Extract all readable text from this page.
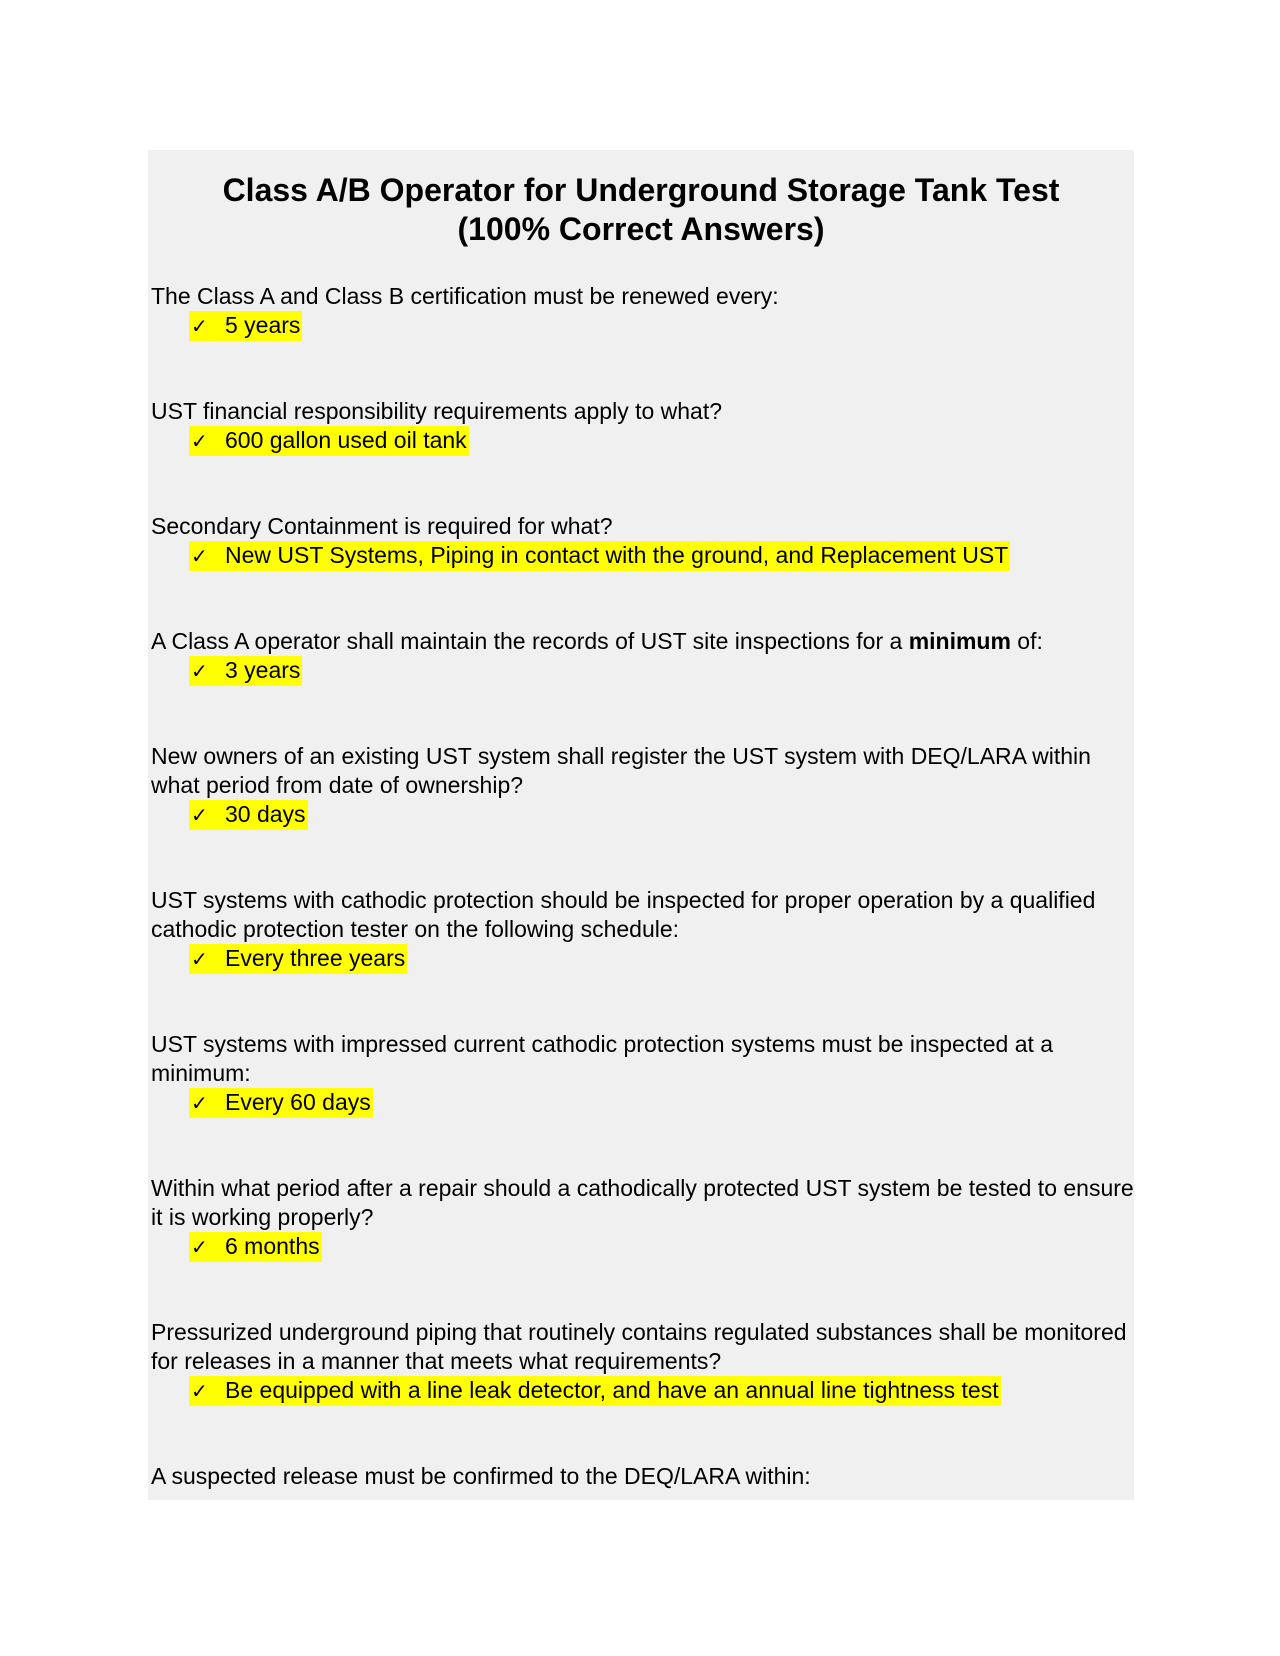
Class A/B Operator for Underground Storage Tank Test
(100% Correct Answers)

The Class A and Class B certification must be renewed every:

✓ 5 years

UST financial responsibility requirements apply to what?

✓ 600 gallon used oil tank

Secondary Containment is required for what?

✓ New UST Systems, Piping in contact with the ground, and Replacement UST

A Class A operator shall maintain the records of UST site inspections for a minimum of:

✓ 3 years

New owners of an existing UST system shall register the UST system with DEQ/LARA within what period from date of ownership?

✓ 30 days

UST systems with cathodic protection should be inspected for proper operation by a qualified cathodic protection tester on the following schedule:

✓ Every three years

UST systems with impressed current cathodic protection systems must be inspected at a minimum:

✓ Every 60 days

Within what period after a repair should a cathodically protected UST system be tested to ensure it is working properly?

✓ 6 months

Pressurized underground piping that routinely contains regulated substances shall be monitored for releases in a manner that meets what requirements?

✓ Be equipped with a line leak detector, and have an annual line tightness test

A suspected release must be confirmed to the DEQ/LARA within:
